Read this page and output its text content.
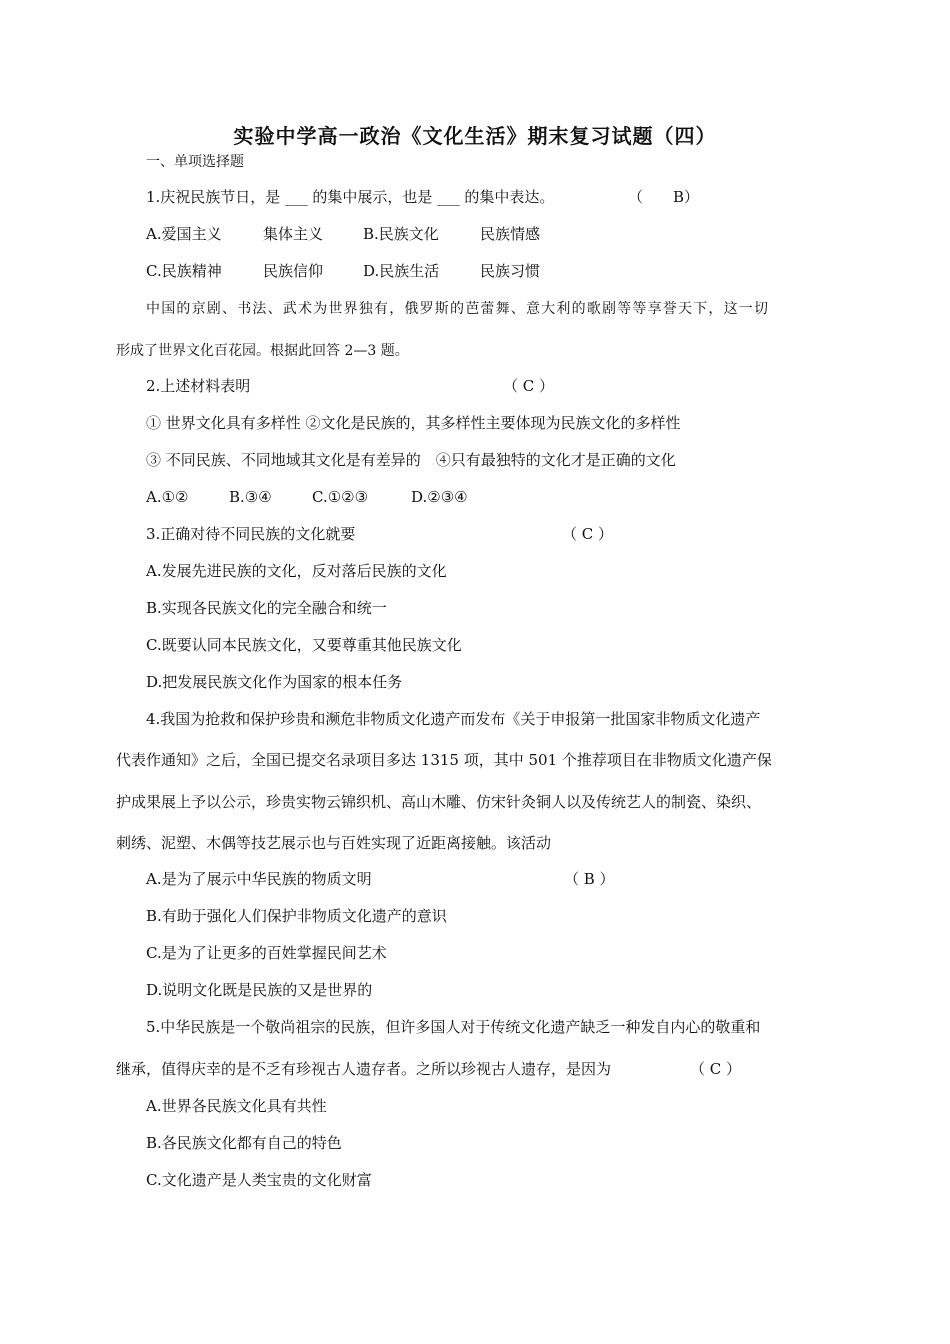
实验中学高一政治《文化生活》期末复习试题（四）
一、单项选择题
1.庆祝民族节日，是 ___ 的集中展示，也是 ___ 的集中表达。	（　　B）
A.爱国主义	集体主义	B.民族文化	民族情感
C.民族精神	民族信仰	D.民族生活	民族习惯
中国的京剧、书法、武术为世界独有，俄罗斯的芭蕾舞、意大利的歌剧等等享誉天下，这一切
形成了世界文化百花园。根据此回答 2—3 题。
2.上述材料表明	（ C ）
① 世界文化具有多样性 ②文化是民族的，其多样性主要体现为民族文化的多样性
③ 不同民族、不同地域其文化是有差异的　④只有最独特的文化才是正确的文化
A.①②	B.③④	C.①②③	D.②③④
3.正确对待不同民族的文化就要	（ C ）
A.发展先进民族的文化，反对落后民族的文化
B.实现各民族文化的完全融合和统一
C.既要认同本民族文化，又要尊重其他民族文化
D.把发展民族文化作为国家的根本任务
4.我国为抢救和保护珍贵和濒危非物质文化遗产而发布《关于申报第一批国家非物质文化遗产
代表作通知》之后，全国已提交名录项目多达 1315 项，其中 501 个推荐项目在非物质文化遗产保
护成果展上予以公示，珍贵实物云锦织机、高山木雕、仿宋针灸铜人以及传统艺人的制瓷、染织、
刺绣、泥塑、木偶等技艺展示也与百姓实现了近距离接触。该活动
A.是为了展示中华民族的物质文明	（ B ）
B.有助于强化人们保护非物质文化遗产的意识
C.是为了让更多的百姓掌握民间艺术
D.说明文化既是民族的又是世界的
5.中华民族是一个敬尚祖宗的民族，但许多国人对于传统文化遗产缺乏一种发自内心的敬重和
继承，值得庆幸的是不乏有珍视古人遗存者。之所以珍视古人遗存，是因为	（ C ）
A.世界各民族文化具有共性
B.各民族文化都有自己的特色
C.文化遗产是人类宝贵的文化财富
